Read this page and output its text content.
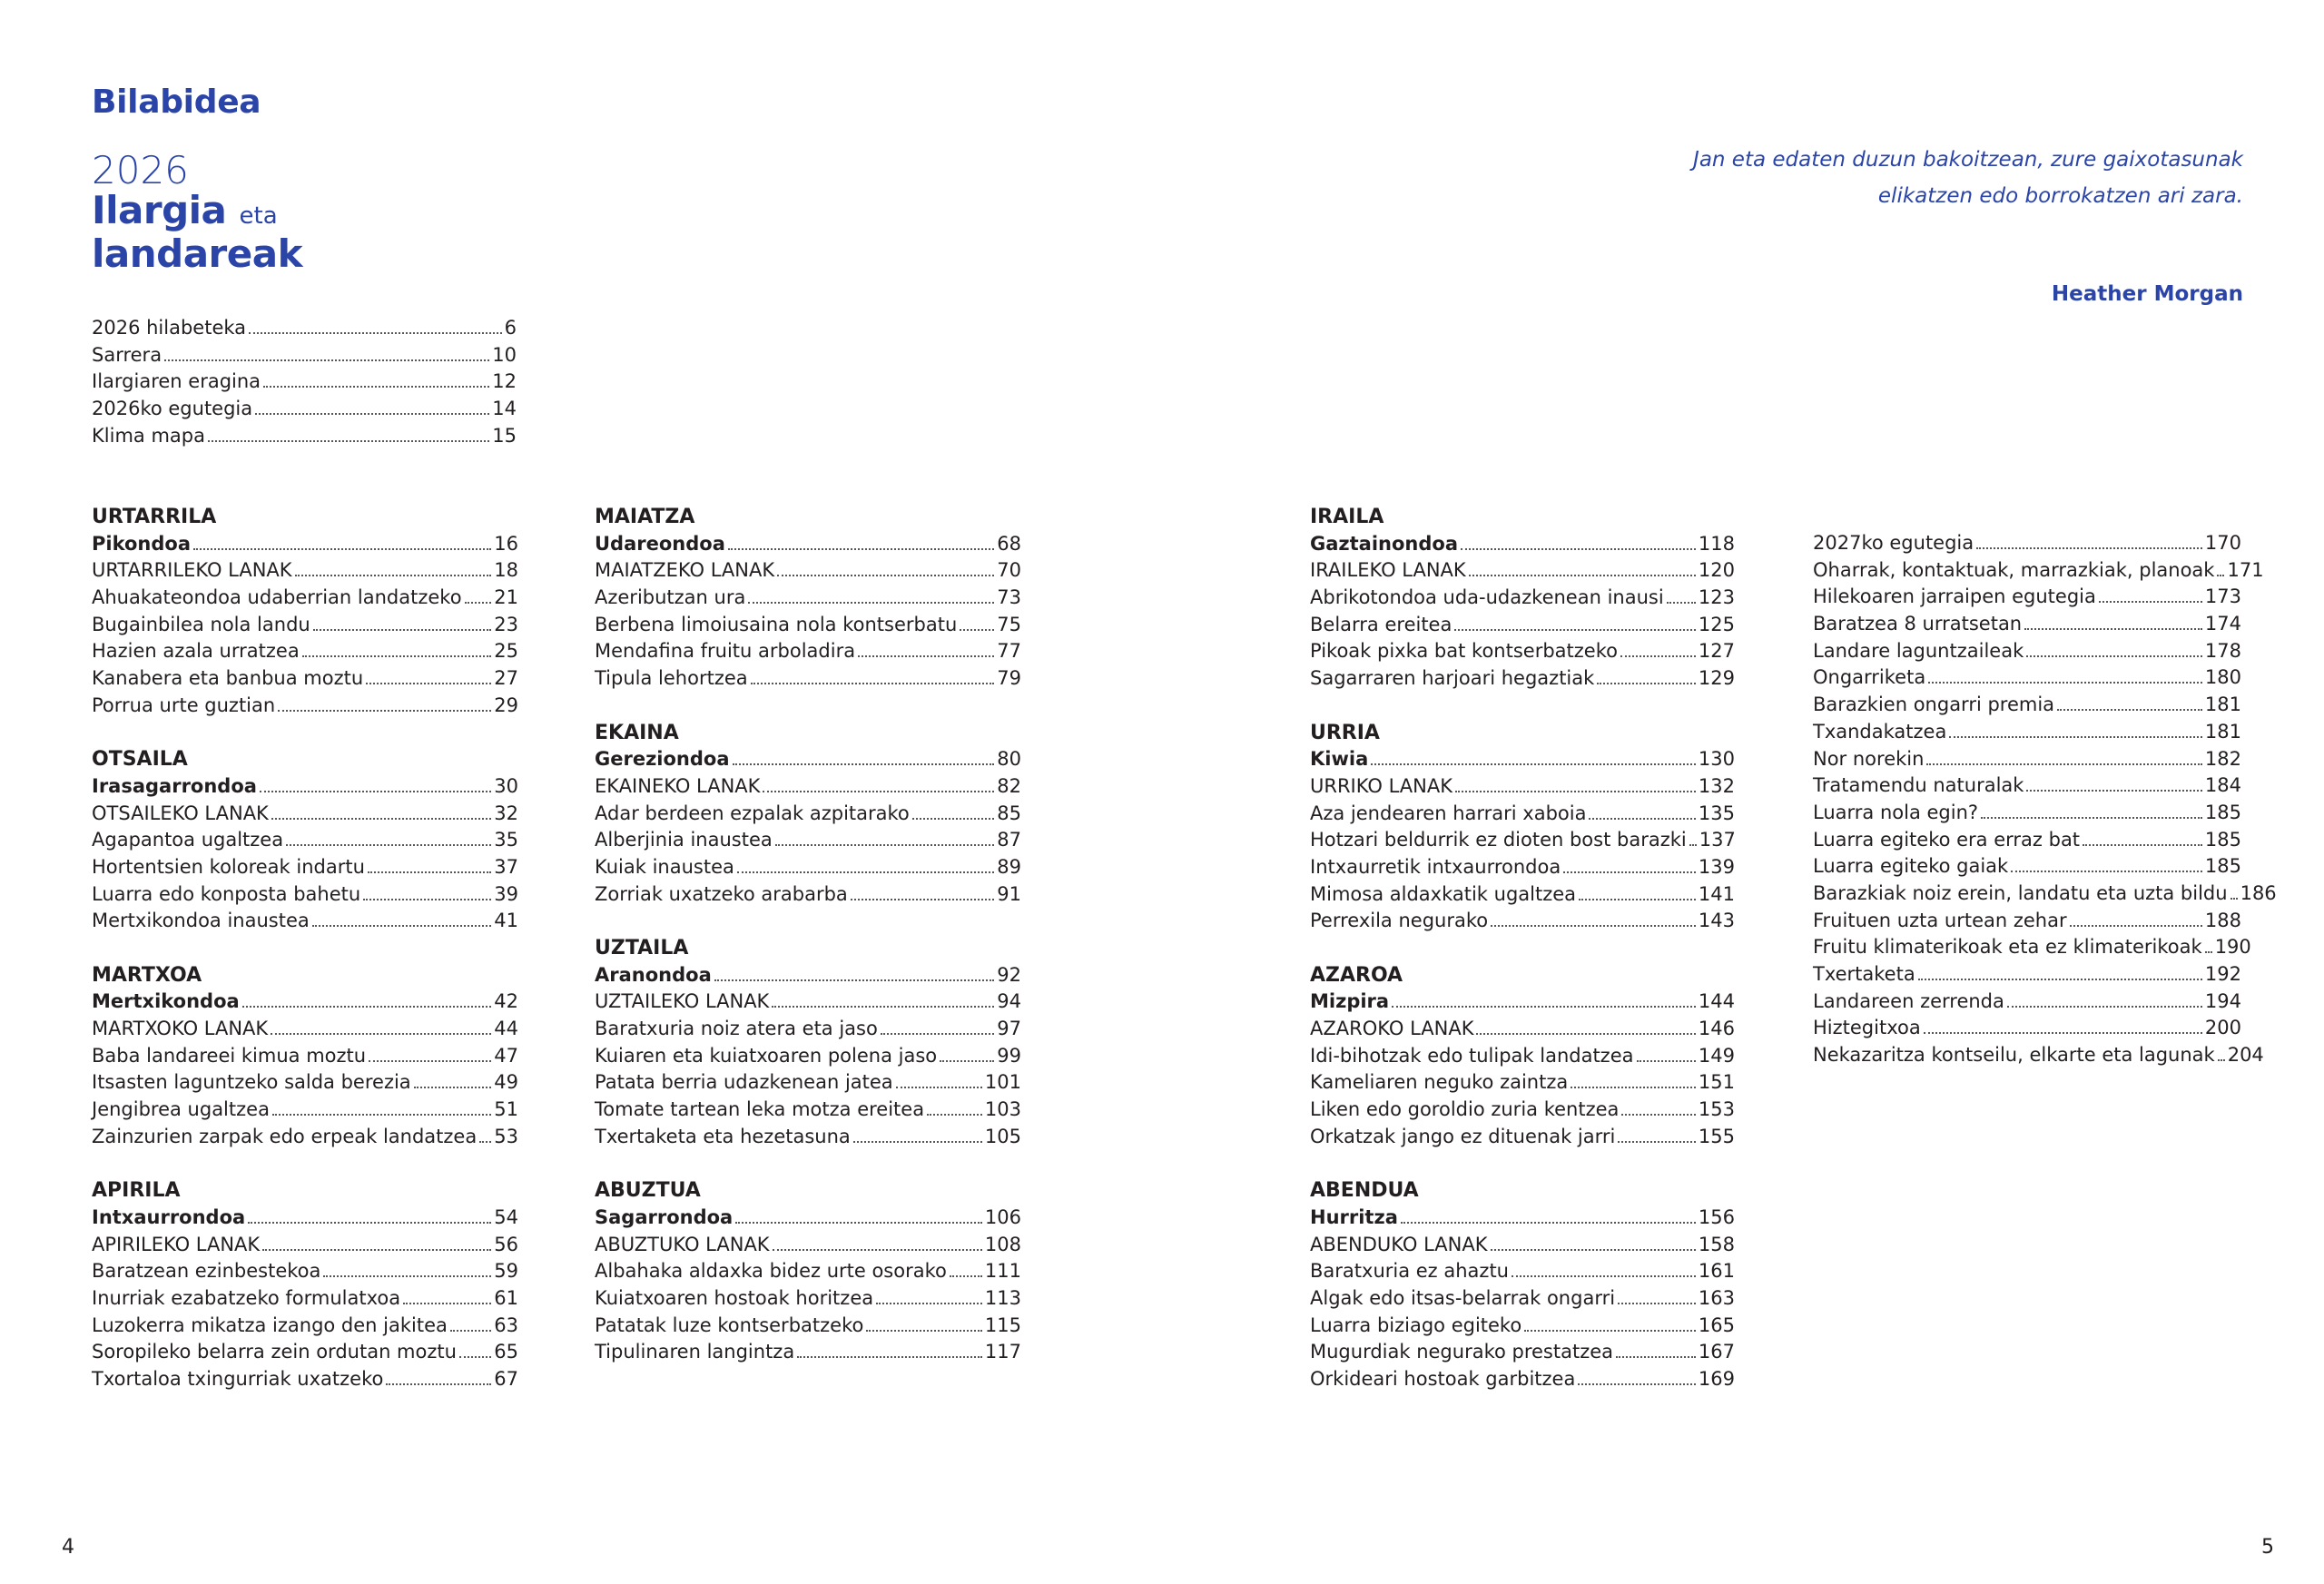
Bilabidea
2026
Ilargia eta
landareak
Jan eta edaten duzun bakoitzean, zure gaixotasunak
elikatzen edo borrokatzen ari zara.
Heather Morgan
2026 hilabeteka	6
Sarrera	10
Ilargiaren eragina	12
2026ko egutegia	14
Klima mapa	15
URTARRILA
Pikondoa	16
URTARRILEKO LANAK	18
Ahuakateondoa udaberrian landatzeko 21
Bugainbilea nola landu	23
Hazien azala urratzea	25
Kanabera eta banbua moztu	27
Porrua urte guztian	29
OTSAILA
Irasagarrondoa	30
OTSAILEKO LANAK	32
Agapantoa ugaltzea	35
Hortentsien koloreak indartu	37
Luarra edo konposta bahetu	39
Mertxikondoa inaustea	41
MARTXOA
Mertxikondoa	42
MARTXOKO LANAK	44
Baba landareei kimua moztu	47
Itsasten laguntzeko salda berezia	49
Jengibrea ugaltzea	51
Zainzurien zarpak edo erpeak landatzea 53
APIRILA
Intxaurrondoa	54
APIRILEKO LANAK	56
Baratzean ezinbestekoa	59
Inurriak ezabatzeko formulatxoa	61
Luzokerra mikatza izango den jakitea 63
Soropileko belarra zein ordutan moztu 65
Txortaloa txingurriak uxatzeko	67
MAIATZA
Udareondoa	68
MAIATZEKO LANAK	70
Azeributzan ura	73
Berbena limoiusaina nola kontserbatu 75
Mendafina fruitu arboladira	77
Tipula lehortzea	79
EKAINA
Gereziondoa	80
EKAINEKO LANAK	82
Adar berdeen ezpalak azpitarako	85
Alberjinia inaustea	87
Kuiak inaustea	89
Zorriak uxatzeko arabarba	91
UZTAILA
Aranondoa	92
UZTAILEKO LANAK	94
Baratxuria noiz atera eta jaso	97
Kuiaren eta kuiatxoaren polena jaso	99
Patata berria udazkenean jatea	101
Tomate tartean leka motza ereitea	103
Txertaketa eta hezetasuna	105
ABUZTUA
Sagarrondoa	106
ABUZTUKO LANAK	108
Albahaka aldaxka bidez urte osorako 111
Kuiatxoaren hostoak horitzea	113
Patatak luze kontserbatzeko	115
Tipulinaren langintza	117
IRAILA
Gaztainondoa	118
IRAILEKO LANAK	120
Abrikotondoa uda-udazkenean inausi 123
Belarra ereitea	125
Pikoak pixka bat kontserbatzeko	127
Sagarraren harjoari hegaztiak	129
URRIA
Kiwia	130
URRIKO LANAK	132
Aza jendearen harrari xaboia	135
Hotzari beldurrik ez dioten bost barazki 137
Intxaurretik intxaurrondoa	139
Mimosa aldaxkatik ugaltzea	141
Perrexila negurako	143
AZAROA
Mizpira	144
AZAROKO LANAK	146
Idi-bihotzak edo tulipak landatzea	149
Kameliaren neguko zaintza	151
Liken edo goroldio zuria kentzea	153
Orkatzak jango ez dituenak jarri	155
ABENDUA
Hurritza	156
ABENDUKO LANAK	158
Baratxuria ez ahaztu	161
Algak edo itsas-belarrak ongarri	163
Luarra biziago egiteko	165
Mugurdiak negurako prestatzea	167
Orkideari hostoak garbitzea	169
2027ko egutegia	170
Oharrak, kontaktuak, marrazkiak, planoak 171
Hilekoaren jarraipen egutegia	173
Baratzea 8 urratsetan	174
Landare laguntzaileak	178
Ongarriketa	180
Barazkien ongarri premia	181
Txandakatzea	181
Nor norekin	182
Tratamendu naturalak	184
Luarra nola egin?	185
Luarra egiteko era erraz bat	185
Luarra egiteko gaiak	185
Barazkiak noiz erein, landatu eta uzta bildu 186
Fruituen uzta urtean zehar	188
Fruitu klimaterikoak eta ez klimaterikoak 190
Txertaketa	192
Landareen zerrenda	194
Hiztegitxoa	200
Nekazaritza kontseilu, elkarte eta lagunak 204
4	5
